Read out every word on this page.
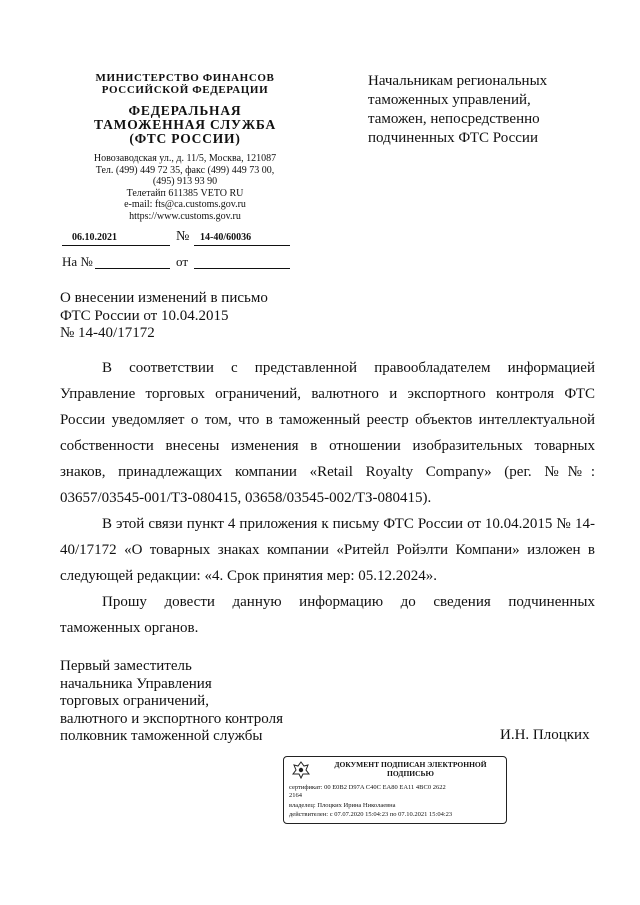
МИНИСТЕРСТВО ФИНАНСОВ
РОССИЙСКОЙ ФЕДЕРАЦИИ
ФЕДЕРАЛЬНАЯ
ТАМОЖЕННАЯ СЛУЖБА
(ФТС РОССИИ)
Новозаводская ул., д. 11/5, Москва, 121087
Тел. (499) 449 72 35, факс (499) 449 73 00,
(495) 913 93 90
Телетайп 611385 VETO RU
e-mail: fts@ca.customs.gov.ru
https://www.customs.gov.ru
Начальникам региональных
таможенных управлений,
таможен, непосредственно
подчиненных ФТС России
06.10.2021	№ 14-40/60036
На №	от
О внесении изменений в письмо
ФТС России от 10.04.2015
№ 14-40/17172

В соответствии с представленной правообладателем информацией Управление торговых ограничений, валютного и экспортного контроля ФТС России уведомляет о том, что в таможенный реестр объектов интеллектуальной собственности внесены изменения в отношении изобразительных товарных знаков, принадлежащих компании «Retail Royalty Company» (рег. №№: 03657/03545-001/ТЗ-080415, 03658/03545-002/ТЗ-080415).

В этой связи пункт 4 приложения к письму ФТС России от 10.04.2015 № 14-40/17172 «О товарных знаках компании «Ритейл Ройэлти Компани» изложен в следующей редакции: «4. Срок принятия мер: 05.12.2024».

Прошу довести данную информацию до сведения подчиненных таможенных органов.

Первый заместитель
начальника Управления
торговых ограничений,
валютного и экспортного контроля
полковник таможенной службы	И.Н. Плоцких
ДОКУМЕНТ ПОДПИСАН ЭЛЕКТРОННОЙ
ПОДПИСЬЮ
сертификат: 00 E0B2 D97A C40C EA80 EA11 4BC0 2622
2164
владелец: Плоцких Ирина Николаевна
действителен: с 07.07.2020 15:04:23 по 07.10.2021 15:04:23
